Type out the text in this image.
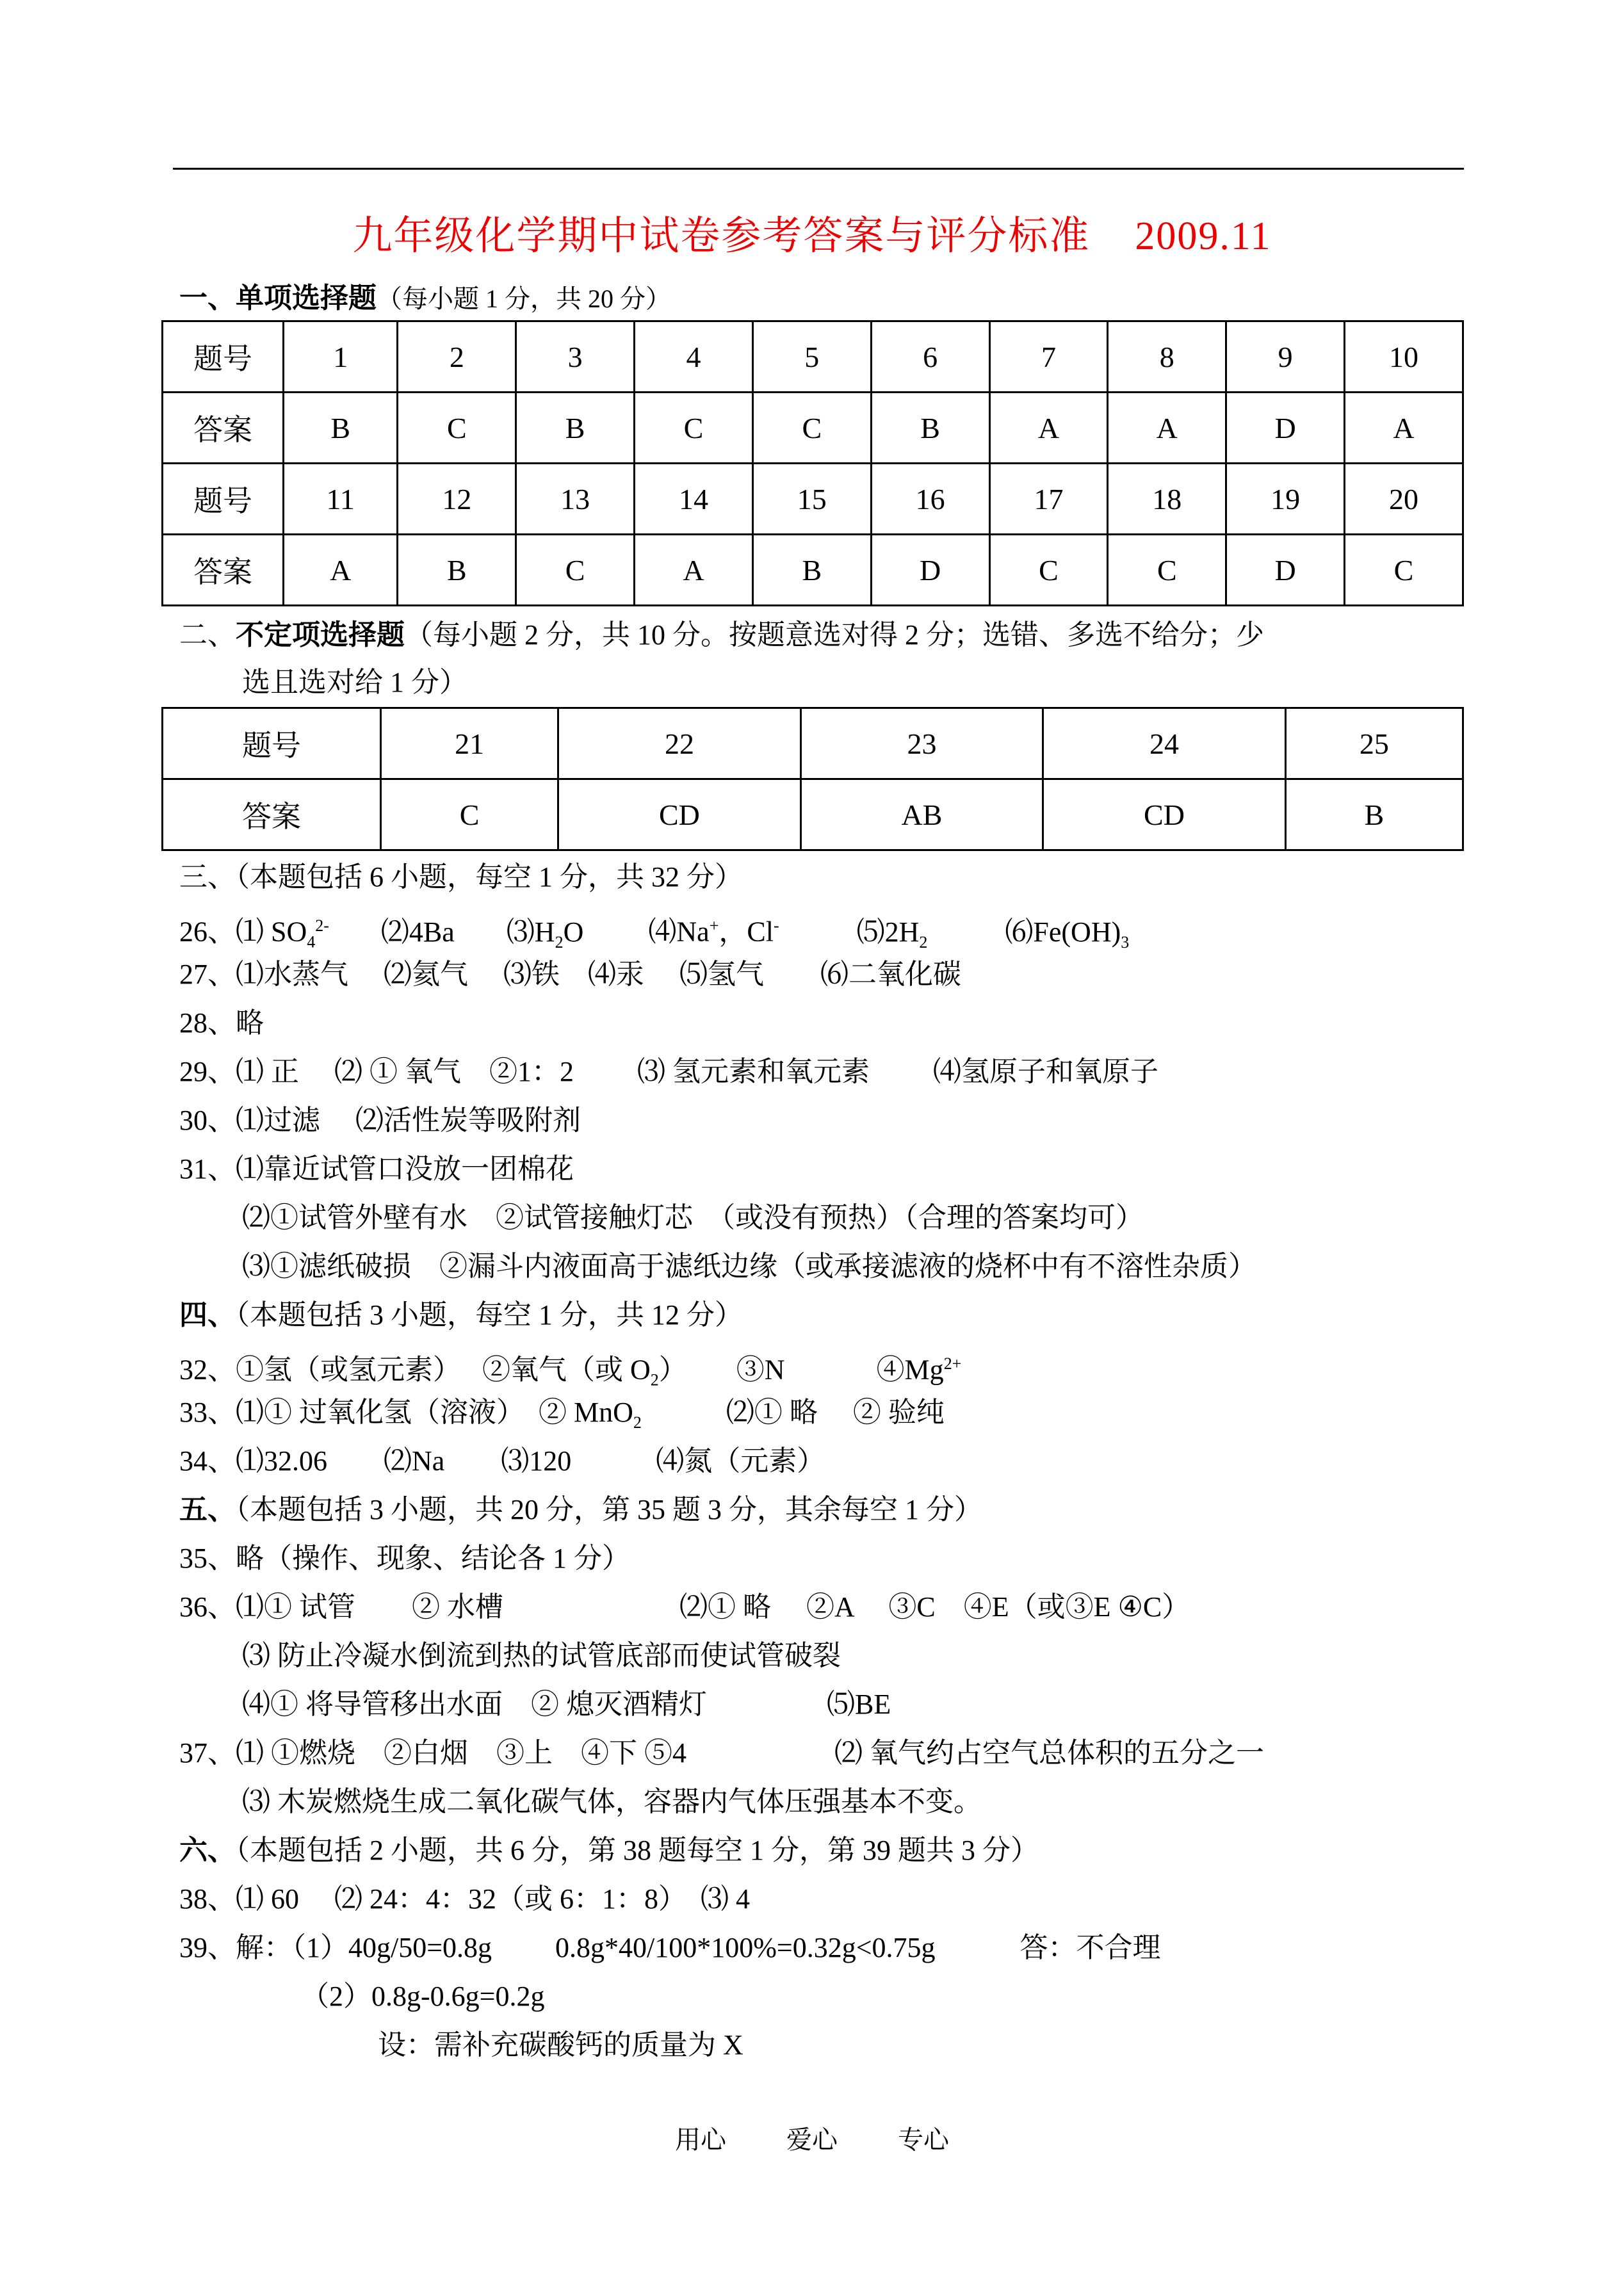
九年级化学期中试卷参考答案与评分标准 2009.11
一、单项选择题（每小题 1 分，共 20 分）
题号	1	2	3	4	5	6	7	8	9	10
答案	B	C	B	C	C	B	A	A	D	A
题号	11	12	13	14	15	16	17	18	19	20
答案	A	B	C	A	B	D	C	C	D	C
二、不定项选择题（每小题 2 分，共 10 分。按题意选对得 2 分；选错、多选不给分；少
选且选对给 1 分）
题号	21	22	23	24	25
答案	C	CD	AB	CD	B
三、（本题包括 6 小题，每空 1 分，共 32 分）
26、⑴ $SO_4^{2-}$ ⑵4Ba $⑶H_2O$ ⑷Na+，Cl-	$⑸2H_2$	$⑹Fe(OH)_3$
27、⑴水蒸气　 ⑵氦气　 ⑶铁　⑷汞　 ⑸氢气　　⑹二氧化碳
28、略
29、⑴ 正　 ⑵ ① 氧气　②1：2　　 ⑶ 氢元素和氧元素　　 ⑷氢原子和氧原子
30、⑴过滤　 ⑵活性炭等吸附剂
31、⑴靠近试管口没放一团棉花
⑵①试管外壁有水　②试管接触灯芯　（或没有预热）（合理的答案均可）
⑶①滤纸破损　②漏斗内液面高于滤纸边缘（或承接滤液的烧杯中有不溶性杂质）
四、（本题包括 3 小题，每空 1 分，共 12 分）
32、①氢（或氢元素）　 ②氧气（或 $O_2$）　　 ③N　　　 $④Mg^{2+}$
33、⑴① 过氧化氢（溶液）　② MnO$_2$　　　⑵① 略　 ② 验纯
34、⑴32.06　　⑵Na　　⑶120　　　⑷氮（元素）
五、（本题包括 3 小题，共 20 分，第 35 题 3 分，其余每空 1 分）
35、略（操作、现象、结论各 1 分）
36、⑴① 试管　　② 水槽　　　　　　 ⑵① 略　 ②A　 ③C　④E（或③E ④C）
⑶ 防止冷凝水倒流到热的试管底部而使试管破裂
⑷① 将导管移出水面　② 熄灭酒精灯　　　　 ⑸BE
37、⑴ ①燃烧　②白烟　③上　④下 ⑤4　　　　　 ⑵ 氧气约占空气总体积的五分之一
⑶ 木炭燃烧生成二氧化碳气体，容器内气体压强基本不变。
六、（本题包括 2 小题，共 6 分，第 38 题每空 1 分，第 39 题共 3 分）
38、⑴ 60　 ⑵ 24：4：32（或 6：1：8）　⑶ 4
39、解：（1）40g/50=0.8g　　 0.8g*40/100*100%=0.32g<0.75g　　　答：不合理
（2）0.8g-0.6g=0.2g
设：需补充碳酸钙的质量为 X
用心 爱心 专心
